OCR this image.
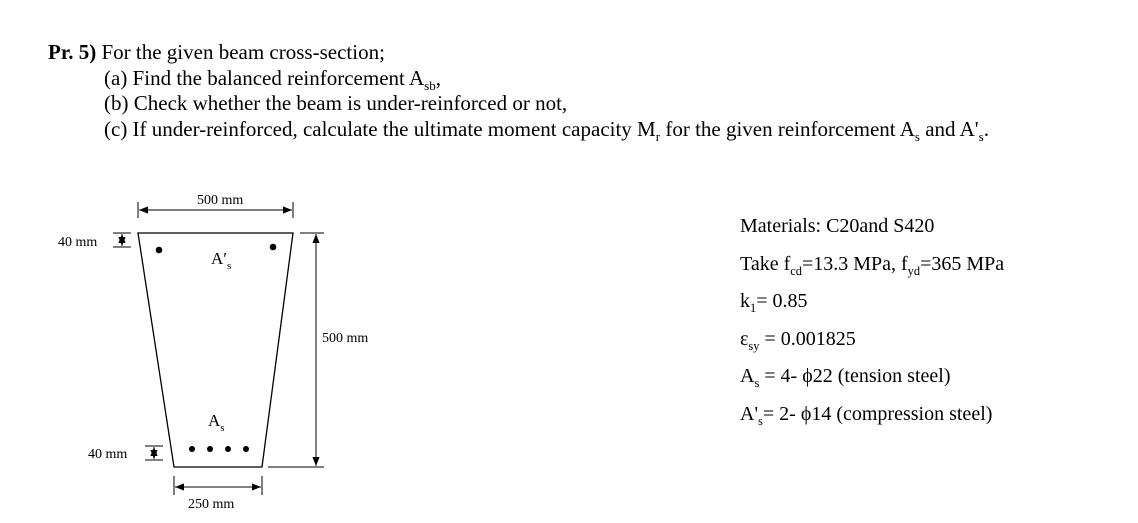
Pr. 5) For the given beam cross-section;
(a) Find the balanced reinforcement $A_{sb}$,
(b) Check whether the beam is under-reinforced or not,
(c) If under-reinforced, calculate the ultimate moment capacity $M_r$ for the given reinforcement $A_s$ and $A'_s$.
500 mm
500 mm
250 mm
40 mm
40 mm
$A'_s$
$A_s$
Materials: C20and S420
Take $f_{cd}=13.3$ MPa, $f_{yd}=365$ MPa
$k_1= 0.85$
$\varepsilon_{sy} = 0.001825$
$A_s = 4-$ ϕ22 (tension steel)
$A'_s= 2-$ ϕ14 (compression steel)
